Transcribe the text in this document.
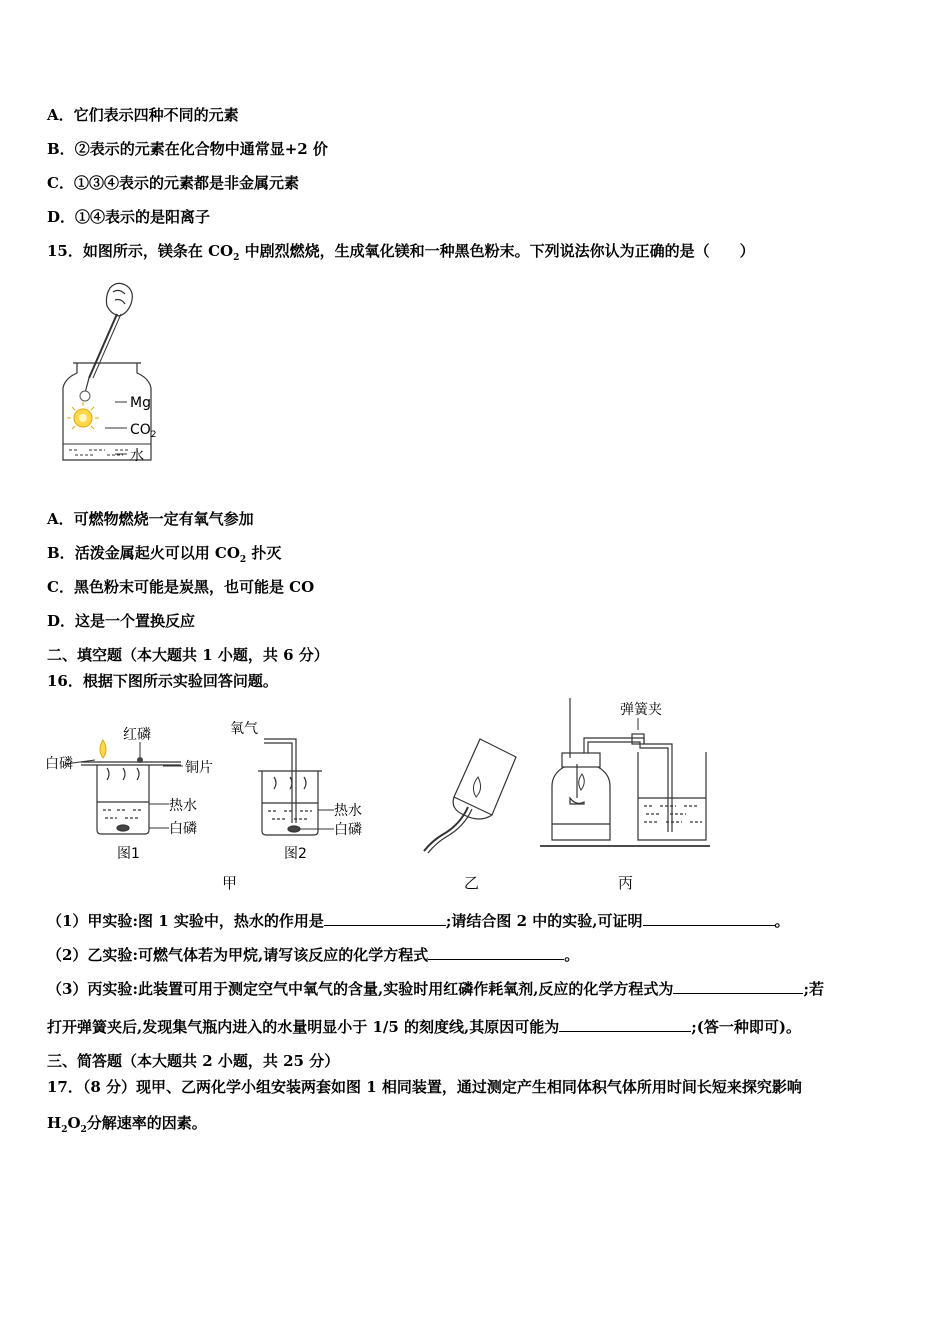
A．它们表示四种不同的元素
B．②表示的元素在化合物中通常显+2 价
C．①③④表示的元素都是非金属元素
D．①④表示的是阳离子
15．如图所示，镁条在 $CO_2$ 中剧烈燃烧，生成氧化镁和一种黑色粉末。下列说法你认为正确的是（　　）
Mg
$CO_2$
水
A．可燃物燃烧一定有氧气参加
B．活泼金属起火可以用 $CO_2$ 扑灭
C．黑色粉末可能是炭黑，也可能是 CO
D．这是一个置换反应
二、填空题（本大题共 1 小题，共 6 分）
16．根据下图所示实验回答问题。
红磷
白磷	铜片
热水
白磷
图1
氧气
热水
白磷
图2
弹簧夹
甲	乙	丙
（1）甲实验:图 1 实验中，热水的作用是	;请结合图 2 中的实验,可证明	。
（2）乙实验:可燃气体若为甲烷,请写该反应的化学方程式	。
（3）丙实验:此装置可用于测定空气中氧气的含量,实验时用红磷作耗氧剂,反应的化学方程式为	;若
打开弹簧夹后,发现集气瓶内进入的水量明显小于 1/5 的刻度线,其原因可能为	;(答一种即可)。
三、简答题（本大题共 2 小题，共 25 分）
17．（8 分）现甲、乙两化学小组安装两套如图 1 相同装置，通过测定产生相同体积气体所用时间长短来探究影响
$H_2O_2$分解速率的因素。
